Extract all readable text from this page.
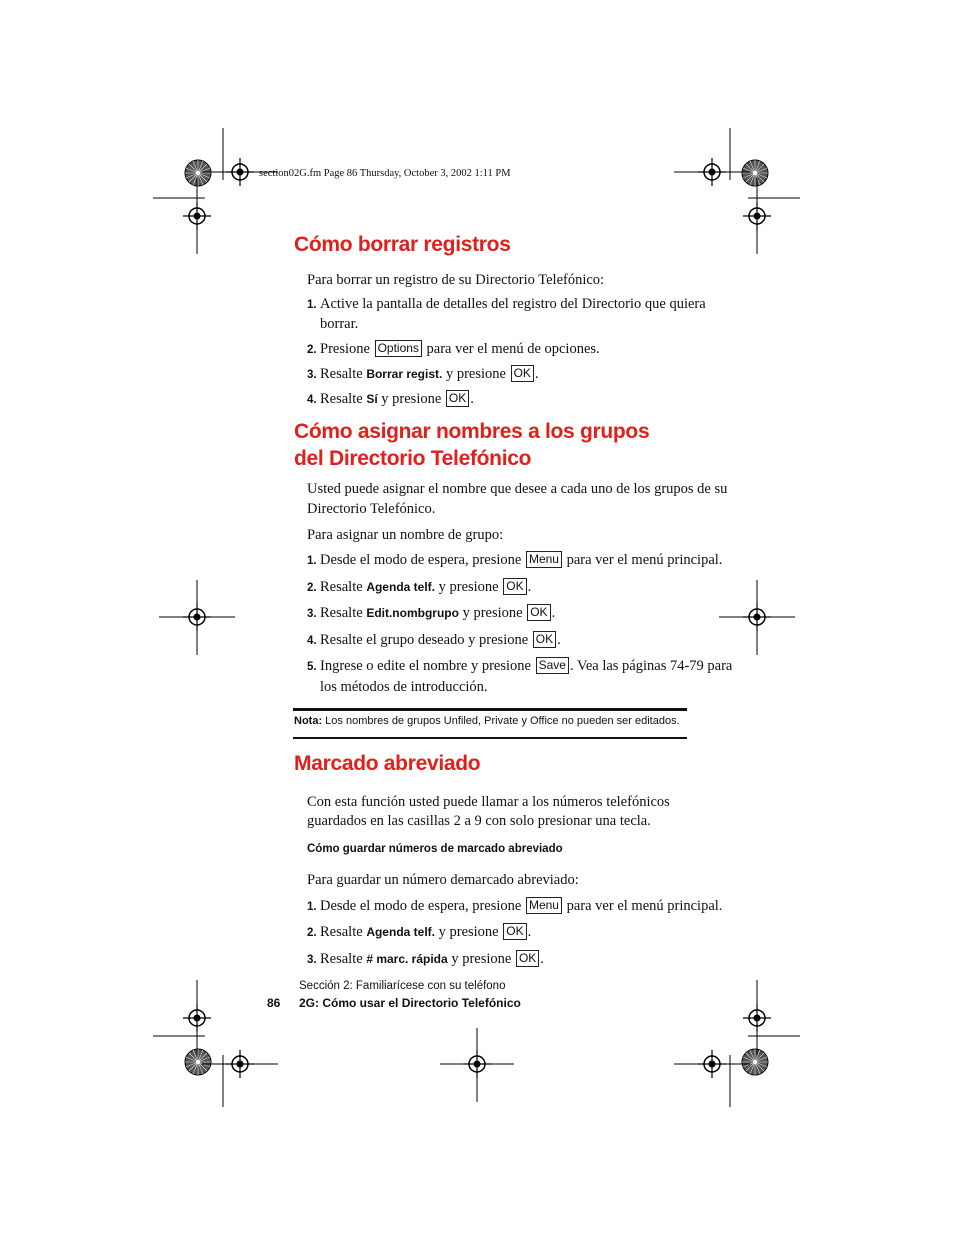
section02G.fm Page 86 Thursday, October 3, 2002 1:11 PM
Cómo borrar registros
Para borrar un registro de su Directorio Telefónico:
1. Active la pantalla de detalles del registro del Directorio que quiera
borrar.
2. Presione Options para ver el menú de opciones.
3. Resalte Borrar regist. y presione OK .
4. Resalte Sí y presione OK .
Cómo asignar nombres a los grupos
del Directorio Telefónico
Usted puede asignar el nombre que desee a cada uno de los grupos de su
Directorio Telefónico.
Para asignar un nombre de grupo:
1. Desde el modo de espera, presione Menu para ver el menú principal.
2. Resalte Agenda telf. y presione OK .
3. Resalte Edit.nombgrupo y presione OK .
4. Resalte el grupo deseado y presione OK .
5. Ingrese o edite el nombre y presione Save . Vea las páginas 74-79 para
los métodos de introducción.
Nota: Los nombres de grupos Unfiled, Private y Office no pueden ser editados.
Marcado abreviado
Con esta función usted puede llamar a los números telefónicos
guardados en las casillas 2 a 9 con solo presionar una tecla.
Cómo guardar números de marcado abreviado
Para guardar un número demarcado abreviado:
1. Desde el modo de espera, presione Menu para ver el menú principal.
2. Resalte Agenda telf. y presione OK .
3. Resalte # marc. rápida y presione OK .
Sección 2: Familiarícese con su teléfono
86 2G: Cómo usar el Directorio Telefónico
